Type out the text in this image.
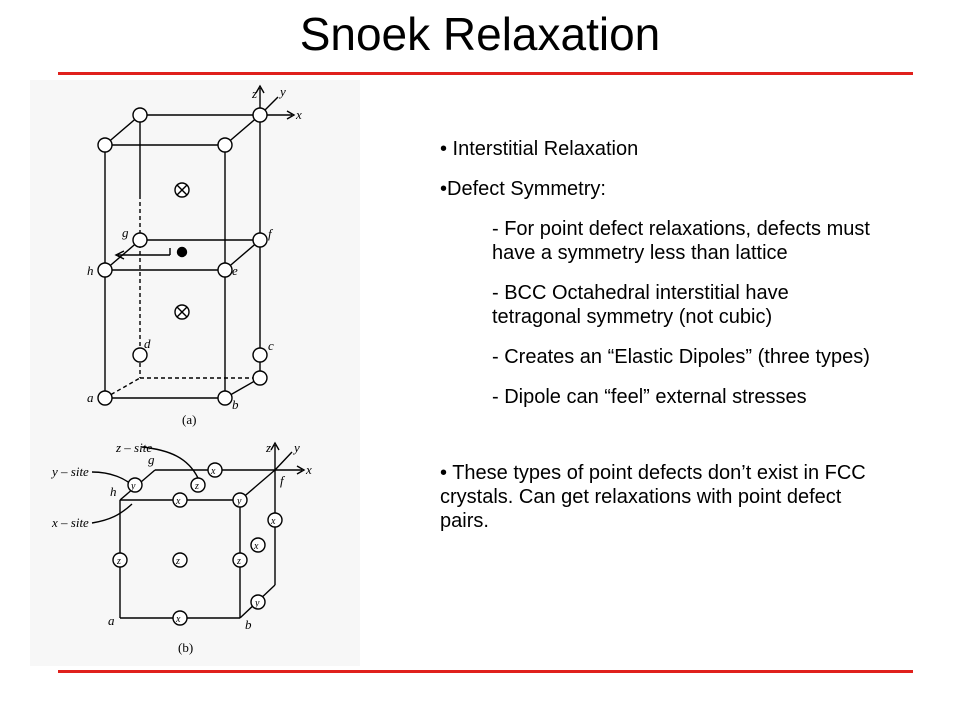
Snoek Relaxation
z y
x
a	b
c
d
e
f
g
h
(a)
x
z
y
x
z	z	z
x
x
y
x
y
z y
x
z – site
y – site
x – site
a	b
f
g
h
(b)
• Interstitial Relaxation
•Defect Symmetry:
- For point defect relaxations, defects must have a symmetry less than lattice
- BCC Octahedral interstitial have tetragonal symmetry (not cubic)
- Creates an “Elastic Dipoles” (three types)
- Dipole can “feel” external stresses
• These types of point defects don’t exist in FCC crystals. Can get relaxations with point defect pairs.
